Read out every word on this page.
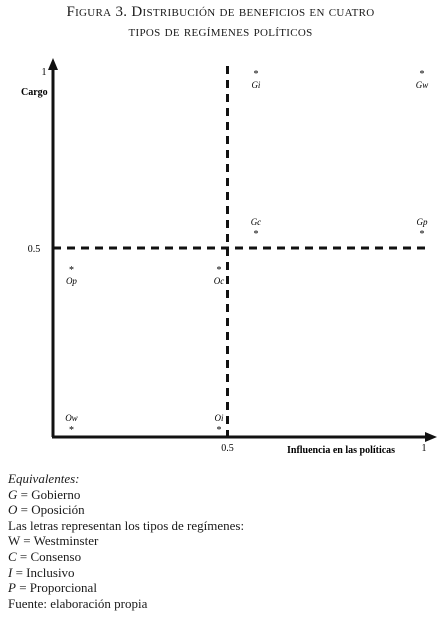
Figura 3. Distribución de beneficios en cuatro
tipos de regímenes políticos
Cargo
Influencia en las políticas
0.5	1
0.5
1	*
Gi
*
Gw
*
Gc
*
Gp
*
Op
*
Oc
*
Ow
*
Oi
Equivalentes:
G = Gobierno
O = Oposición
Las letras representan los tipos de regímenes:
W = Westminster
C = Consenso
I = Inclusivo
P = Proporcional
Fuente: elaboración propia
